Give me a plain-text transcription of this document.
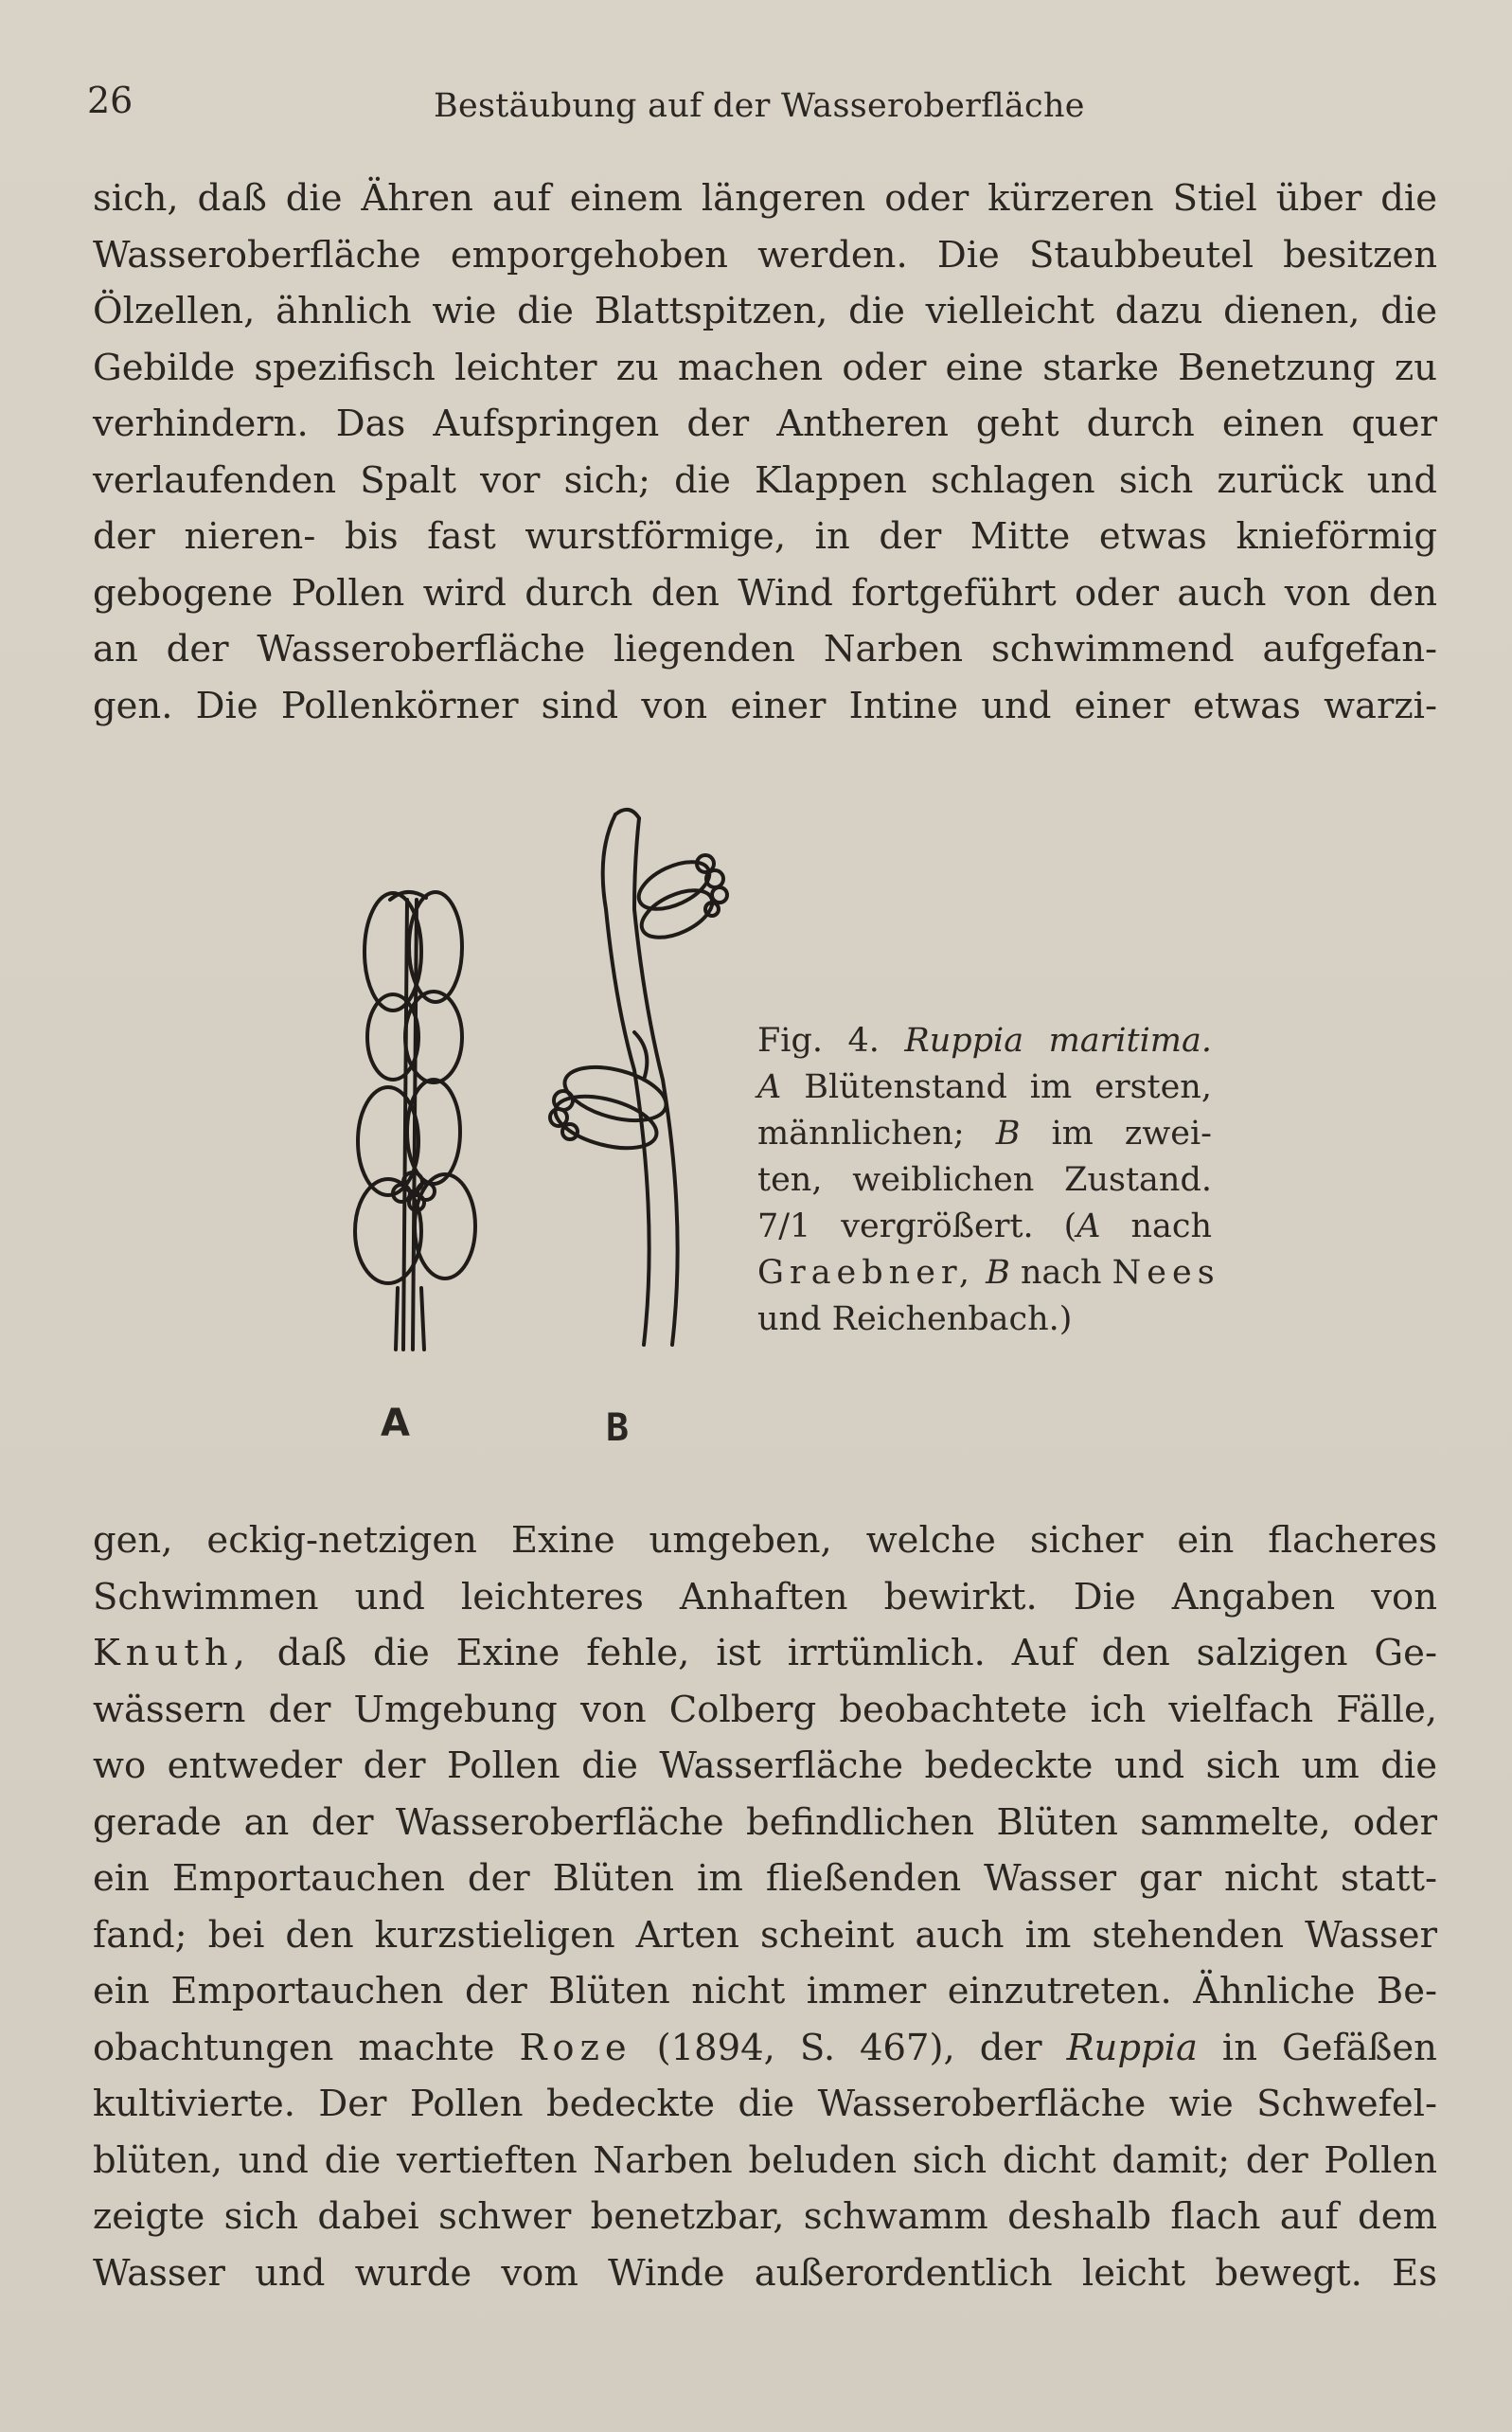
26	Bestäubung auf der Wasseroberfläche
sich, daß die Ähren auf einem längeren oder kürzeren Stiel über die
Wasseroberfläche emporgehoben werden. Die Staubbeutel besitzen
Ölzellen, ähnlich wie die Blattspitzen, die vielleicht dazu dienen, die
Gebilde spezifisch leichter zu machen oder eine starke Benetzung zu
verhindern. Das Aufspringen der Antheren geht durch einen quer
verlaufenden Spalt vor sich; die Klappen schlagen sich zurück und
der nieren- bis fast wurstförmige, in der Mitte etwas knieförmig
gebogene Pollen wird durch den Wind fortgeführt oder auch von den
an der Wasseroberfläche liegenden Narben schwimmend aufgefan-
gen. Die Pollenkörner sind von einer Intine und einer etwas warzi-
A	B
Fig. 4. Ruppia maritima.
A Blütenstand im ersten,
männlichen; B im zwei-
ten, weiblichen Zustand.
7/1 vergrößert. (A nach
Graebner, B nach Nees
und Reichenbach.)
gen, eckig-netzigen Exine umgeben, welche sicher ein flacheres
Schwimmen und leichteres Anhaften bewirkt. Die Angaben von
Knuth, daß die Exine fehle, ist irrtümlich. Auf den salzigen Ge-
wässern der Umgebung von Colberg beobachtete ich vielfach Fälle,
wo entweder der Pollen die Wasserfläche bedeckte und sich um die
gerade an der Wasseroberfläche befindlichen Blüten sammelte, oder
ein Emportauchen der Blüten im fließenden Wasser gar nicht statt-
fand; bei den kurzstieligen Arten scheint auch im stehenden Wasser
ein Emportauchen der Blüten nicht immer einzutreten. Ähnliche Be-
obachtungen machte Roze (1894, S. 467), der Ruppia in Gefäßen
kultivierte. Der Pollen bedeckte die Wasseroberfläche wie Schwefel-
blüten, und die vertieften Narben beluden sich dicht damit; der Pollen
zeigte sich dabei schwer benetzbar, schwamm deshalb flach auf dem
Wasser und wurde vom Winde außerordentlich leicht bewegt. Es
